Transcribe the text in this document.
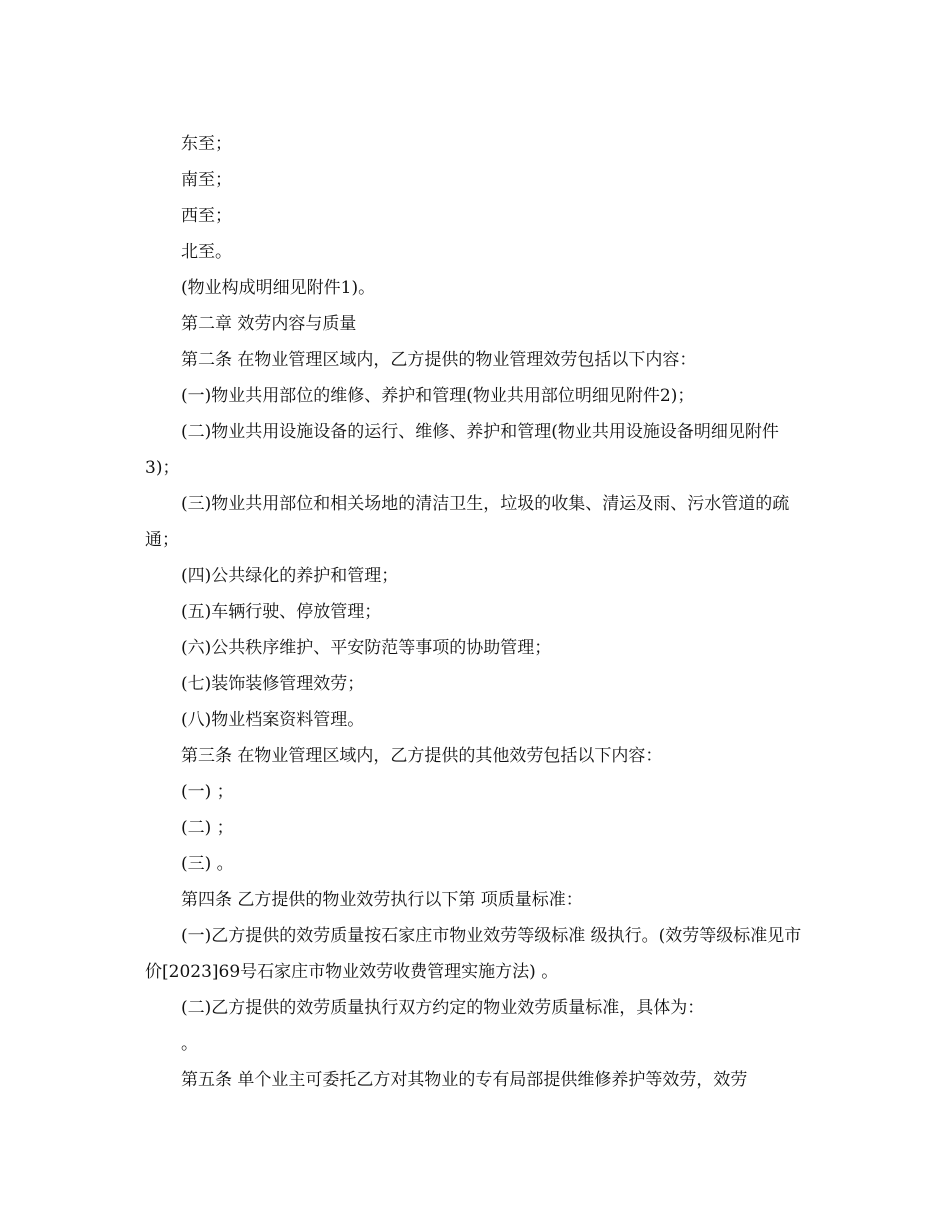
东至；

南至；

西至；

北至。

(物业构成明细见附件1)。

第二章 效劳内容与质量

第二条 在物业管理区域内，乙方提供的物业管理效劳包括以下内容：

(一)物业共用部位的维修、养护和管理(物业共用部位明细见附件2)；

(二)物业共用设施设备的运行、维修、养护和管理(物业共用设施设备明细见附件3)；

(三)物业共用部位和相关场地的清洁卫生，垃圾的收集、清运及雨、污水管道的疏通；

(四)公共绿化的养护和管理；

(五)车辆行驶、停放管理；

(六)公共秩序维护、平安防范等事项的协助管理；

(七)装饰装修管理效劳；

(八)物业档案资料管理。

第三条 在物业管理区域内，乙方提供的其他效劳包括以下内容：

(一) ；

(二) ；

(三) 。

第四条 乙方提供的物业效劳执行以下第 项质量标准：

(一)乙方提供的效劳质量按石家庄市物业效劳等级标准 级执行。(效劳等级标准见市价[2023]69号石家庄市物业效劳收费管理实施方法) 。

(二)乙方提供的效劳质量执行双方约定的物业效劳质量标准，具体为：

。

第五条 单个业主可委托乙方对其物业的专有局部提供维修养护等效劳，效劳
